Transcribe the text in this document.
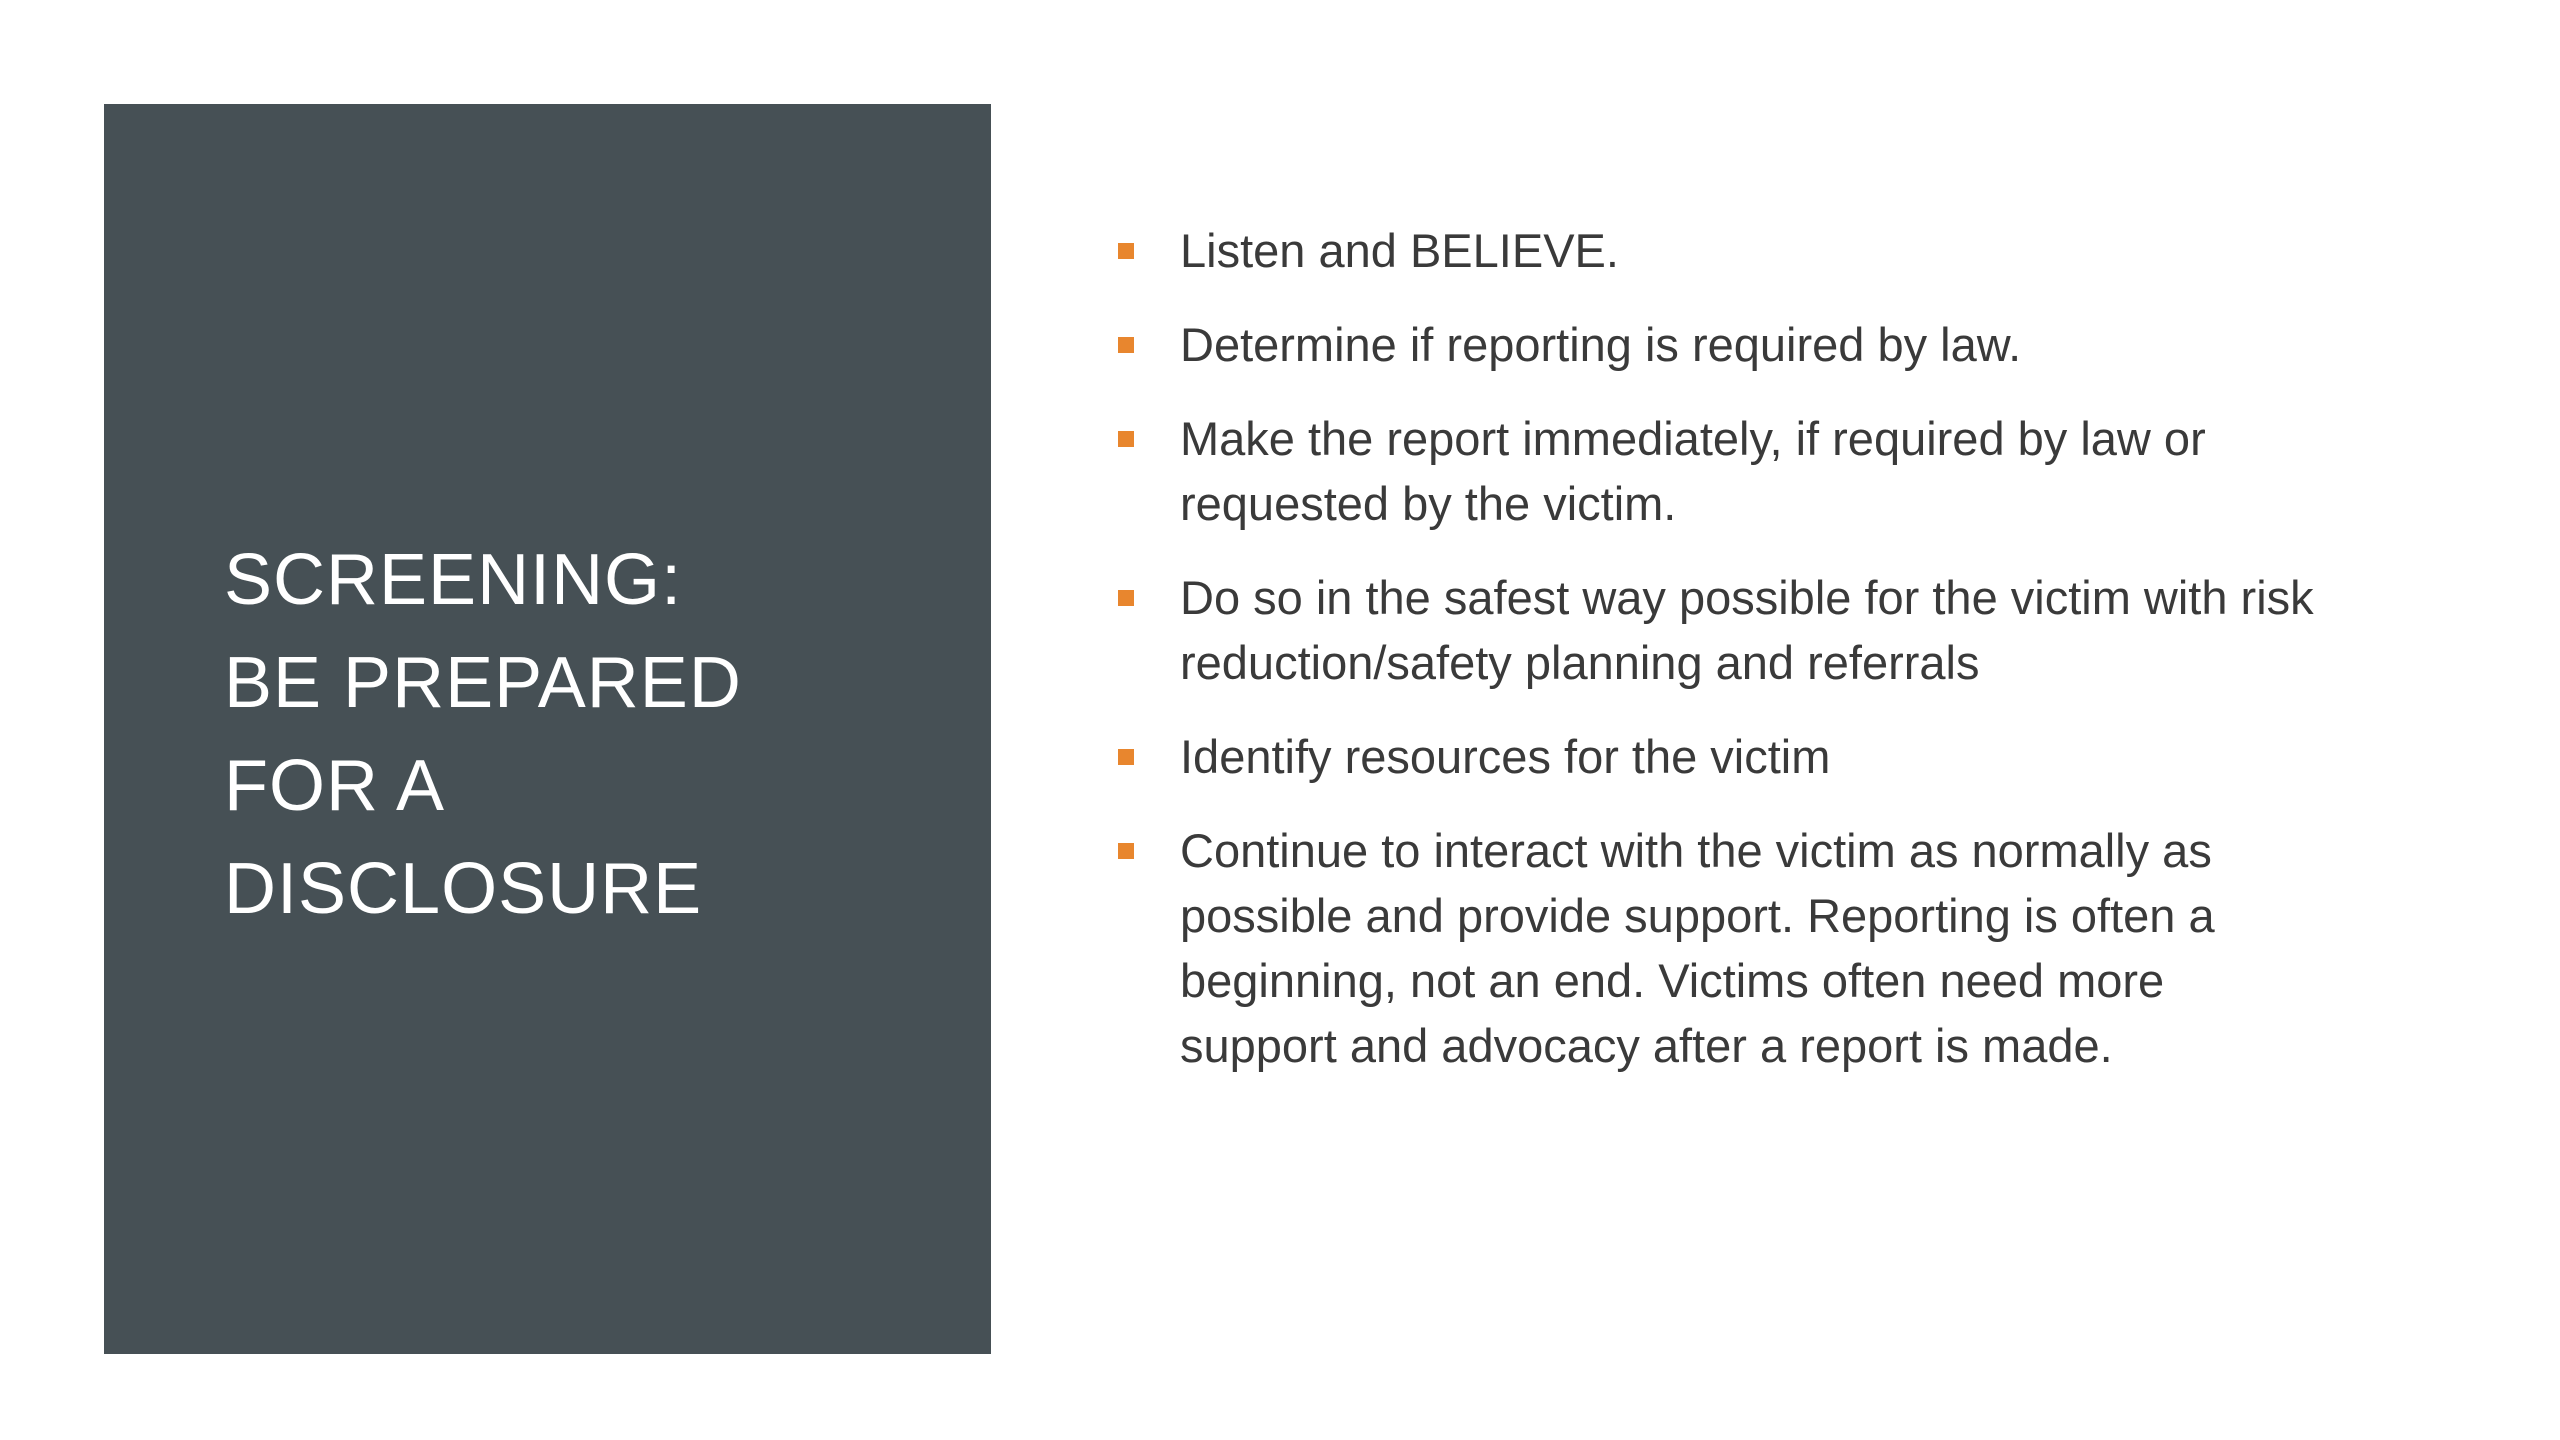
SCREENING:
BE PREPARED
FOR A
DISCLOSURE
Listen and BELIEVE.
Determine if reporting is required by law.
Make the report immediately, if required by law or requested by the victim.
Do so in the safest way possible for the victim with risk reduction/safety planning and referrals
Identify resources for the victim
Continue to interact with the victim as normally as possible and provide support. Reporting is often a beginning, not an end. Victims often need more support and advocacy after a report is made.
